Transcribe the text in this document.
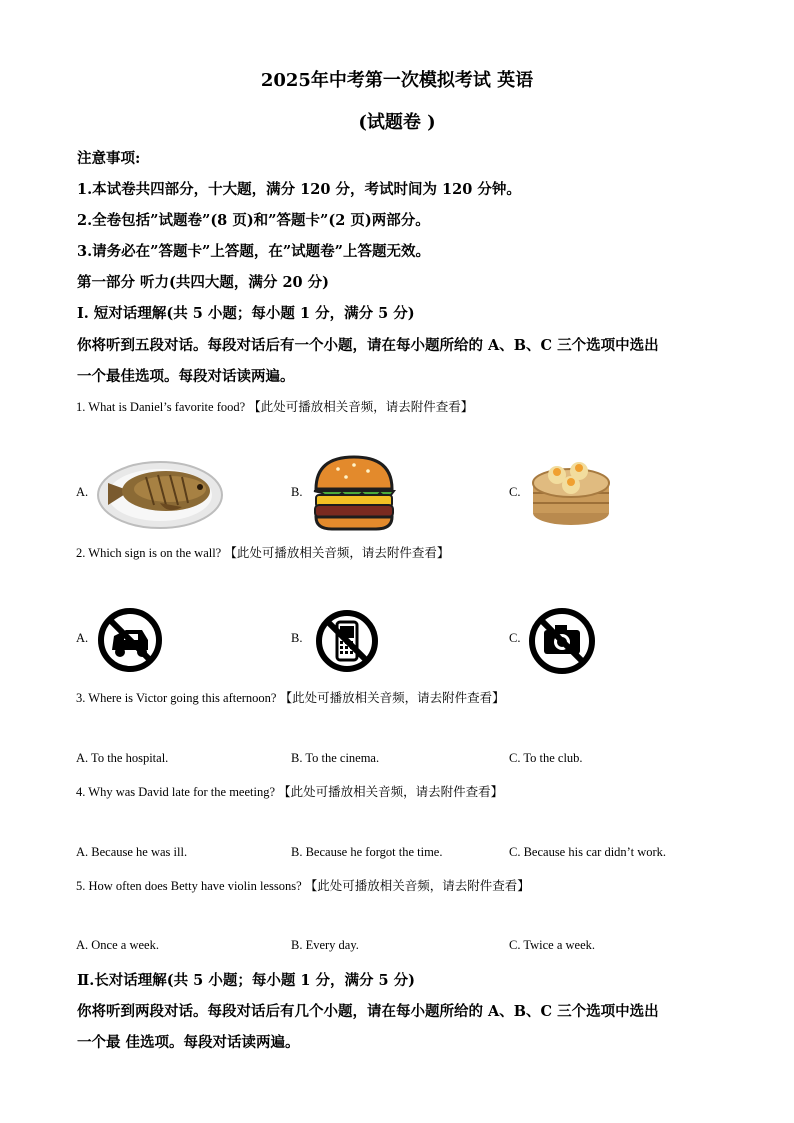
2025年中考第一次模拟考试 英语
(试题卷 )
注意事项:
1.本试卷共四部分，十大题，满分 120 分，考试时间为 120 分钟。
2.全卷包括”试题卷”(8 页)和”答题卡”(2 页)两部分。
3.请务必在”答题卡”上答题，在”试题卷”上答题无效。
第一部分 听力(共四大题，满分 20 分)
I. 短对话理解(共 5 小题；每小题 1 分，满分 5 分)
你将听到五段对话。每段对话后有一个小题，请在每小题所给的 A、B、C 三个选项中选出
一个最佳选项。每段对话读两遍。
1. What is Daniel’s favorite food? 【此处可播放相关音频，请去附件查看】
A.	B.	C.
2. Which sign is on the wall? 【此处可播放相关音频，请去附件查看】
A.	B.	C.
3. Where is Victor going this afternoon? 【此处可播放相关音频，请去附件查看】
A. To the hospital.	B. To the cinema.	C. To the club.
4. Why was David late for the meeting? 【此处可播放相关音频，请去附件查看】
A. Because he was ill.	B. Because he forgot the time.	C. Because his car didn’t work.
5. How often does Betty have violin lessons? 【此处可播放相关音频，请去附件查看】
A. Once a week.	B. Every day.	C. Twice a week.
Ⅱ.长对话理解(共 5 小题；每小题 1 分，满分 5 分)
你将听到两段对话。每段对话后有几个小题，请在每小题所给的 A、B、C 三个选项中选出
一个最 佳选项。每段对话读两遍。
